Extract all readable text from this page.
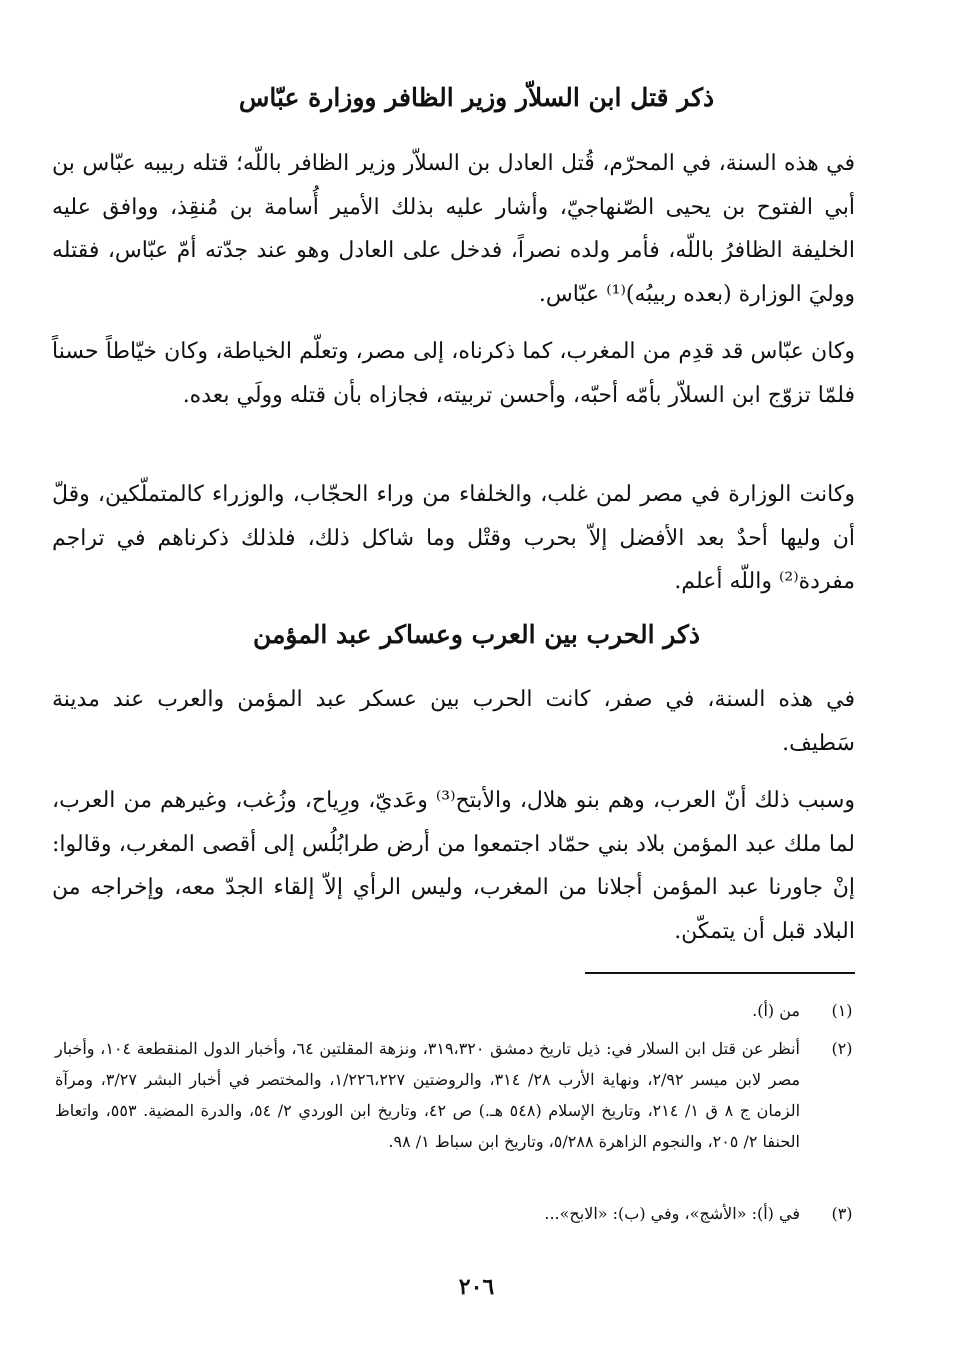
ذكر قتل ابن السلاّر وزير الظافر ووزارة عبّاس
في هذه السنة، في المحرّم، قُتل العادل بن السلاّر وزير الظافر باللّه؛ قتله ربيبه عبّاس بن أبي الفتوح بن يحيى الصّنهاجيّ، وأشار عليه بذلك الأمير أُسامة بن مُنقِذ، ووافق عليه الخليفة الظافرُ باللّه، فأمر ولده نصراً، فدخل على العادل وهو عند جدّته أمّ عبّاس، فقتله ووليَ الوزارة (بعده ربيبُه)⁽¹⁾ عبّاس.
وكان عبّاس قد قدِم من المغرب، كما ذكرناه، إلى مصر، وتعلّم الخياطة، وكان خيّاطاً حسناً فلمّا تزوّج ابن السلاّر بأمّه أحبّه، وأحسن تربيته، فجازاه بأن قتله وولَي بعده.
وكانت الوزارة في مصر لمن غلب، والخلفاء من وراء الحجّاب، والوزراء كالمتملّكين، وقلّ أن وليها أحدٌ بعد الأفضل إلاّ بحرب وقتْل وما شاكل ذلك، فلذلك ذكرناهم في تراجم مفردة⁽²⁾ واللّه أعلم.
ذكر الحرب بين العرب وعساكر عبد المؤمن
في هذه السنة، في صفر، كانت الحرب بين عسكر عبد المؤمن والعرب عند مدينة سَطيف.
وسبب ذلك أنّ العرب، وهم بنو هلال، والأبتح⁽³⁾ وعَديّ، ورِياح، وزُغب، وغيرهم من العرب، لما ملك عبد المؤمن بلاد بني حمّاد اجتمعوا من أرض طرابُلُس إلى أقصى المغرب، وقالوا: إنْ جاورنا عبد المؤمن أجلانا من المغرب، وليس الرأي إلاّ إلقاء الجدّ معه، وإخراجه من البلاد قبل أن يتمكّن.
(١)
من (أ).
(٢)
أنظر عن قتل ابن السلار في: ذيل تاريخ دمشق ٣١٩،٣٢٠، ونزهة المقلتين ٦٤، وأخبار الدول المنقطعة ١٠٤، وأخبار مصر لابن ميسر ٢/٩٢، ونهاية الأرب ٢٨/ ٣١٤، والروضتين ١/٢٢٦،٢٢٧، والمختصر في أخبار البشر ٣/٢٧، ومرآة الزمان ج ٨ ق ١/ ٢١٤، وتاريخ الإسلام (٥٤٨ هـ.) ص ٤٢، وتاريخ ابن الوردي ٢/ ٥٤، والدرة المضية. ٥٥٣، واتعاظ الحنفا ٢/ ٢٠٥، والنجوم الزاهرة ٥/٢٨٨، وتاريخ ابن سباط ١/ ٩٨.
(٣)
في (أ): «الأشج»، وفي (ب): «الابح»...
٢٠٦
